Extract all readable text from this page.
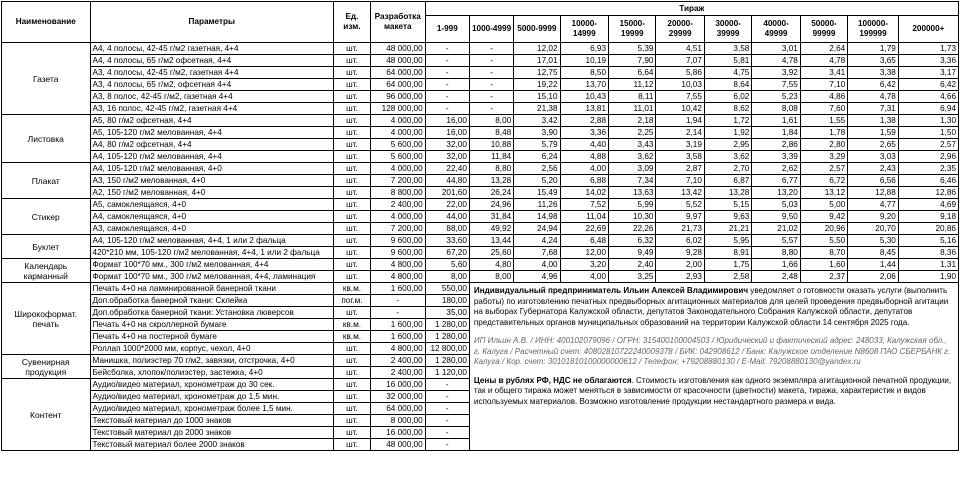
Наименование	Параметры	Ед. изм.	Разработка макета	Тираж										
				1-999	1000-4999	5000-9999	10000-14999	15000-19999	20000-29999	30000-39999	40000-49999	50000-99999	100000-199999	200000+
Газета	А4, 4 полосы, 42-45 г/м2 газетная, 4+4	шт.	48 000,00	-	-	12,02	6,93	5,39	4,51	3,58	3,01	2,64	1,79	1,73
	А4, 4 полосы, 65 г/м2 офсетная, 4+4	шт.	48 000,00	-	-	17,01	10,19	7,90	7,07	5,81	4,78	4,78	3,65	3,36
	А3, 4 полосы, 42-45 г/м2, газетная 4+4	шт.	64 000,00	-	-	12,75	8,50	6,64	5,86	4,75	3,92	3,41	3,38	3,17
	А3, 4 полосы, 65 г/м2, офсетная 4+4	шт.	64 000,00	-	-	19,22	13,70	11,12	10,03	8,64	7,55	7,10	6,42	6,42
	А3, 8 полос, 42-45 г/м2, газетная 4+4	шт.	96 000,00	-	-	15,10	10,43	8,11	7,55	6,02	5,23	4,86	4,78	4,66
	А3, 16 полос, 42-45 г/м2, газетная 4+4	шт.	128 000,00	-	-	21,38	13,81	11,01	10,42	8,62	8,08	7,60	7,31	6,94
Листовка	А5, 80 г/м2 офсетная, 4+4	шт.	4 000,00	16,00	8,00	3,42	2,88	2,18	1,94	1,72	1,61	1,55	1,38	1,30
	А5, 105-120 г/м2 мелованная, 4+4	шт.	4 000,00	16,00	8,48	3,90	3,36	2,25	2,14	1,92	1,84	1,78	1,59	1,50
	А4, 80 г/м2 офсетная, 4+4	шт.	5 600,00	32,00	10,88	5,79	4,40	3,43	3,19	2,95	2,86	2,80	2,65	2,57
	А4, 105-120 г/м2 мелованная, 4+4	шт.	5 600,00	32,00	11,84	6,24	4,88	3,62	3,58	3,62	3,39	3,29	3,03	2,96
Плакат	А4, 105-120 г/м2 мелованная, 4+0	шт.	4 000,00	22,40	8,80	2,56	4,00	3,09	2,87	2,70	2,62	2,57	2,43	2,35
	А3, 150 г/м2 мелованная, 4+0	шт.	7 200,00	44,80	13,28	5,20	6,88	7,34	7,10	6,87	6,77	6,72	6,56	6,46
	А2, 150 г/м2 мелованная, 4+0	шт.	8 800,00	201,60	26,24	15,49	14,02	13,63	13,42	13,28	13,20	13,12	12,88	12,86
Стикер	А5, самоклеящаяся, 4+0	шт.	2 400,00	22,00	24,96	11,26	7,52	5,99	5,52	5,15	5,03	5,00	4,77	4,69
	А4, самоклеящаяся, 4+0	шт.	4 000,00	44,00	31,84	14,98	11,04	10,30	9,97	9,63	9,50	9,42	9,20	9,18
	А3, самоклеящаяся, 4+0	шт.	7 200,00	88,00	49,92	24,94	22,69	22,26	21,73	21,21	21,02	20,96	20,70	20,86
Буклет	А4, 105-120 г/м2 мелованная, 4+4, 1 или 2 фальца	шт.	9 600,00	33,60	13,44	4,24	6,48	6,32	6,02	5,95	5,57	5,50	5,30	5,16
	420*210 мм, 105-120 г/м2 мелованная, 4+4, 1 или 2 фальца	шт.	9 600,00	67,20	25,60	7,68	12,00	9,49	9,28	8,91	8,80	8,70	8,45	8,36
Календарь карманный	Формат 100*70 мм., 300 г/м2 мелованная, 4+4	шт.	4 800,00	5,60	4,80	4,00	3,20	2,40	2,00	1,75	1,66	1,60	1,44	1,31
	Формат 100*70 мм., 300 г/м2 мелованная, 4+4, ламинация	шт.	4 800,00	8,00	8,00	4,96	4,00	3,25	2,93	2,58	2,48	2,37	2,06	1,90
Широкоформат. печать	Печать 4+0 на ламинированной банерной ткани	кв.м.	1 600,00	550,00	Индивидуальный предприниматель Ильин Алексей Владимирович уведомляет о готовности оказать услуги (выполнить работы) по изготовлению печатных предвыборных агитационных материалов для целей проведения предвыборной агитации на выборах Губернатора Калужской области, депутатов Законодательного Собрания Калужской области, депутатов представительных органов муниципальных образований на территории Калужской области 14 сентября 2025 года.

ИП Ильин А.В. / ИНН: 400102079096 / ОГРН: 315400100004503 / Юридический и фактический адрес: 248033, Калужская обл., г. Калуга / Расчетный счет: 40802810722240009378 / БИК: 042908612 / Банк: Калужское отделение N8608 ПАО СБЕРБАНК г. Калуга / Кор. счет: 30101810100000000612 / Телефон: +79208880130 / E-Mail: 79208880130@yandex.ru

Цены в рублях РФ, НДС не облагаются. Стоимость изготовления как одного экземпляра агитационной печатной продукции, так и общего тиража может меняться в зависимости от красочности (цветности) макета, тиража, характеристик и видов используемых материалов. Возможно изготовление продукции нестандартного размера и вида.									

	Доп.обработка банерной ткани: Склейка	пог.м.	-	180,00										
	Доп.обработка банерной ткани: Установка люверсов	шт.	-	35,00										
	Печать 4+0 на скроллерной бумаге	кв.м.	1 600,00	1 280,00										
	Печать 4+0 на постерной бумаге	кв.м.	1 600,00	1 280,00										
	Роллап 1000*2000 мм, корпус, чехол, 4+0	шт.	4 800,00	12 800,00										
Сувенирная продукция	Манишка, полиэстер 70 г/м2, завязки, отстрочка, 4+0	шт.	2 400,00	1 280,00										
	Бейсболка, хлопок/полиэстер, застежка, 4+0	шт.	2 400,00	1 120,00										
Контент	Аудио/видео материал, хронометраж до 30 сек.	шт.	16 000,00	-										
	Аудио/видео материал, хронометраж до 1,5 мин.	шт.	32 000,00	-										
	Аудио/видео материал, хронометраж более 1,5 мин.	шт.	64 000,00	-										
	Текстовый материал до 1000 знаков	шт.	8 000,00	-										
	Текстовый материал до 2000 знаков	шт.	16 000,00	-										
	Текстовый материал более 2000 знаков	шт.	48 000,00	-										
